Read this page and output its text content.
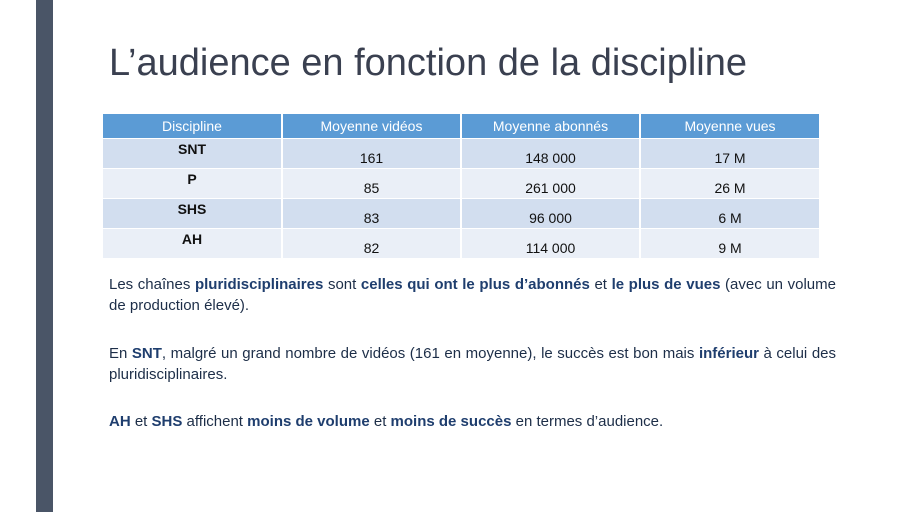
L’audience en fonction de la discipline
Discipline	Moyenne vidéos	Moyenne abonnés	Moyenne vues
SNT	161	148 000	17 M
P	85	261 000	26 M
SHS	83	96 000	6 M
AH	82	114 000	9 M

Les chaînes pluridisciplinaires sont celles qui ont le plus d’abonnés et le plus de vues (avec un volume de production élevé).

En SNT, malgré un grand nombre de vidéos (161 en moyenne), le succès est bon mais inférieur à celui des pluridisciplinaires.

AH et SHS affichent moins de volume et moins de succès en termes d’audience.
